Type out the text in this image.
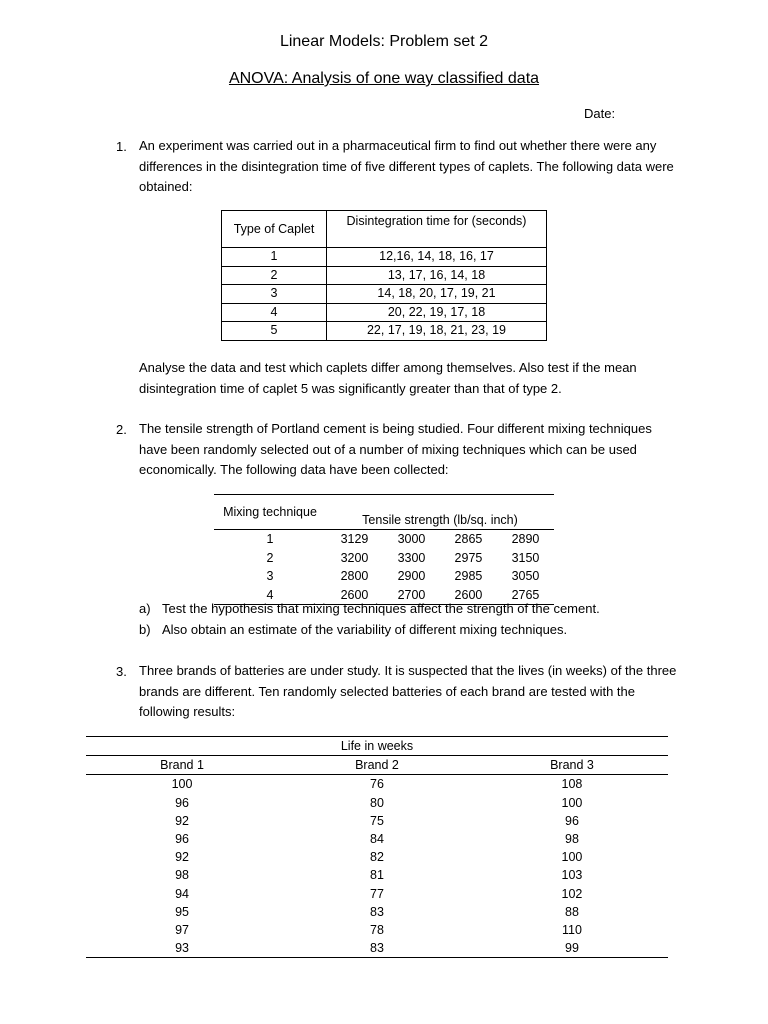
Linear Models: Problem set 2
ANOVA: Analysis of one way classified data
Date:
1. An experiment was carried out in a pharmaceutical firm to find out whether there were any differences in the disintegration time of five different types of caplets. The following data were obtained:
Type of Caplet	Disintegration time for (seconds)
1	12,16, 14, 18, 16, 17
2	13, 17, 16, 14, 18
3	14, 18, 20, 17, 19, 21
4	20, 22, 19, 17, 18
5	22, 17, 19, 18, 21, 23, 19
Analyse the data and test which caplets differ among themselves. Also test if the mean disintegration time of caplet 5 was significantly greater than that of type 2.
2. The tensile strength of Portland cement is being studied. Four different mixing techniques have been randomly selected out of a number of mixing techniques which can be used economically. The following data have been collected:
Mixing technique	Tensile strength (lb/sq. inch)			
1	3129	3000	2865	2890
2	3200	3300	2975	3150
3	2800	2900	2985	3050
4	2600	2700	2600	2765
a) Test the hypothesis that mixing techniques affect the strength of the cement.
b) Also obtain an estimate of the variability of different mixing techniques.
3. Three brands of batteries are under study. It is suspected that the lives (in weeks) of the three brands are different. Ten randomly selected batteries of each brand are tested with the following results:
Life in weeks		
Brand 1	Brand 2	Brand 3
100	76	108
96	80	100
92	75	96
96	84	98
92	82	100
98	81	103
94	77	102
95	83	88
97	78	110
93	83	99
